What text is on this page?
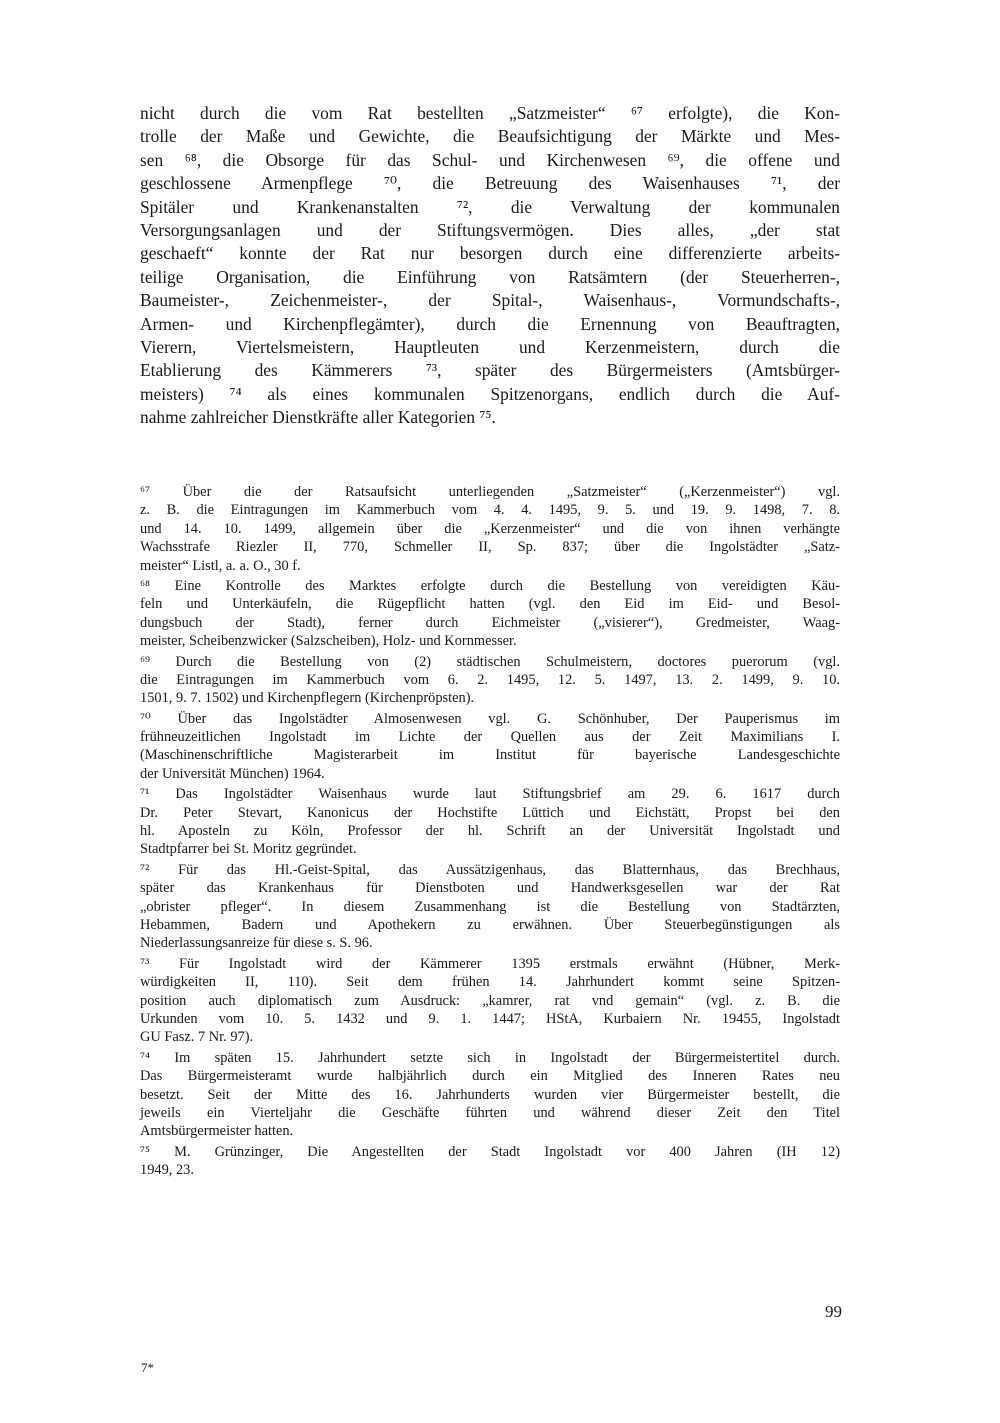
nicht durch die vom Rat bestellten „Satzmeister“ ⁶⁷ erfolgte), die Kon-
trolle der Maße und Gewichte, die Beaufsichtigung der Märkte und Mes-
sen ⁶⁸, die Obsorge für das Schul- und Kirchenwesen ⁶⁹, die offene und
geschlossene Armenpflege ⁷⁰, die Betreuung des Waisenhauses ⁷¹, der
Spitäler und Krankenanstalten ⁷², die Verwaltung der kommunalen
Versorgungsanlagen und der Stiftungsvermögen. Dies alles, „der stat
geschaeft“ konnte der Rat nur besorgen durch eine differenzierte arbeits-
teilige Organisation, die Einführung von Ratsämtern (der Steuerherren-,
Baumeister-, Zeichenmeister-, der Spital-, Waisenhaus-, Vormundschafts-,
Armen- und Kirchenpflegämter), durch die Ernennung von Beauftragten,
Vierern, Viertelsmeistern, Hauptleuten und Kerzenmeistern, durch die
Etablierung des Kämmerers ⁷³, später des Bürgermeisters (Amtsbürger-
meisters) ⁷⁴ als eines kommunalen Spitzenorgans, endlich durch die Auf-
nahme zahlreicher Dienstkräfte aller Kategorien ⁷⁵.
⁶⁷ Über die der Ratsaufsicht unterliegenden „Satzmeister“ („Kerzenmeister“) vgl.
z. B. die Eintragungen im Kammerbuch vom 4. 4. 1495, 9. 5. und 19. 9. 1498, 7. 8.
und 14. 10. 1499, allgemein über die „Kerzenmeister“ und die von ihnen verhängte
Wachsstrafe Riezler II, 770, Schmeller II, Sp. 837; über die Ingolstädter „Satz-
meister“ Listl, a. a. O., 30 f.
⁶⁸ Eine Kontrolle des Marktes erfolgte durch die Bestellung von vereidigten Käu-
feln und Unterkäufeln, die Rügepflicht hatten (vgl. den Eid im Eid- und Besol-
dungsbuch der Stadt), ferner durch Eichmeister („visierer“), Gredmeister, Waag-
meister, Scheibenzwicker (Salzscheiben), Holz- und Kornmesser.
⁶⁹ Durch die Bestellung von (2) städtischen Schulmeistern, doctores puerorum (vgl.
die Eintragungen im Kammerbuch vom 6. 2. 1495, 12. 5. 1497, 13. 2. 1499, 9. 10.
1501, 9. 7. 1502) und Kirchenpflegern (Kirchenpröpsten).
⁷⁰ Über das Ingolstädter Almosenwesen vgl. G. Schönhuber, Der Pauperismus im
frühneuzeitlichen Ingolstadt im Lichte der Quellen aus der Zeit Maximilians I.
(Maschinenschriftliche Magisterarbeit im Institut für bayerische Landesgeschichte
der Universität München) 1964.
⁷¹ Das Ingolstädter Waisenhaus wurde laut Stiftungsbrief am 29. 6. 1617 durch
Dr. Peter Stevart, Kanonicus der Hochstifte Lüttich und Eichstätt, Propst bei den
hl. Aposteln zu Köln, Professor der hl. Schrift an der Universität Ingolstadt und
Stadtpfarrer bei St. Moritz gegründet.
⁷² Für das Hl.-Geist-Spital, das Aussätzigenhaus, das Blatternhaus, das Brechhaus,
später das Krankenhaus für Dienstboten und Handwerksgesellen war der Rat
„obrister pfleger“. In diesem Zusammenhang ist die Bestellung von Stadtärzten,
Hebammen, Badern und Apothekern zu erwähnen. Über Steuerbegünstigungen als
Niederlassungsanreize für diese s. S. 96.
⁷³ Für Ingolstadt wird der Kämmerer 1395 erstmals erwähnt (Hübner, Merk-
würdigkeiten II, 110). Seit dem frühen 14. Jahrhundert kommt seine Spitzen-
position auch diplomatisch zum Ausdruck: „kamrer, rat vnd gemain“ (vgl. z. B. die
Urkunden vom 10. 5. 1432 und 9. 1. 1447; HStA, Kurbaiern Nr. 19455, Ingolstadt
GU Fasz. 7 Nr. 97).
⁷⁴ Im späten 15. Jahrhundert setzte sich in Ingolstadt der Bürgermeistertitel durch.
Das Bürgermeisteramt wurde halbjährlich durch ein Mitglied des Inneren Rates neu
besetzt. Seit der Mitte des 16. Jahrhunderts wurden vier Bürgermeister bestellt, die
jeweils ein Vierteljahr die Geschäfte führten und während dieser Zeit den Titel
Amtsbürgermeister hatten.
⁷⁵ M. Grünzinger, Die Angestellten der Stadt Ingolstadt vor 400 Jahren (IH 12)
1949, 23.
99
7*
